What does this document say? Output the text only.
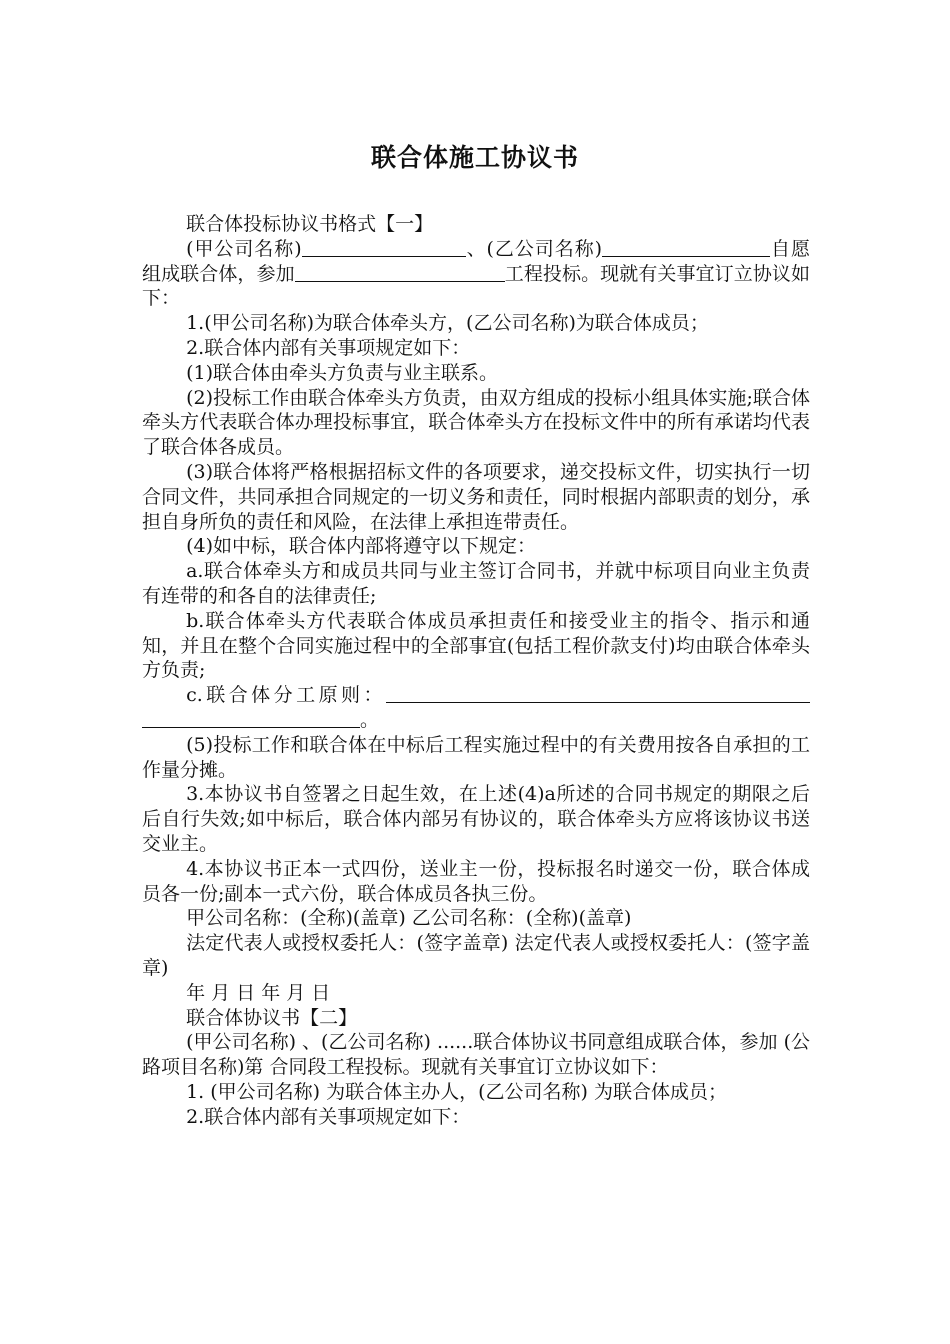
联合体施工协议书

联合体投标协议书格式【一】

(甲公司名称)	、(乙公司名称)	自愿组成联合体，参加	工程投标。现就有关事宜订立协议如下：

1.(甲公司名称)为联合体牵头方，(乙公司名称)为联合体成员；

2.联合体内部有关事项规定如下：

(1)联合体由牵头方负责与业主联系。

(2)投标工作由联合体牵头方负责，由双方组成的投标小组具体实施;联合体牵头方代表联合体办理投标事宜，联合体牵头方在投标文件中的所有承诺均代表了联合体各成员。

(3)联合体将严格根据招标文件的各项要求，递交投标文件，切实执行一切合同文件，共同承担合同规定的一切义务和责任，同时根据内部职责的划分，承担自身所负的责任和风险，在法律上承担连带责任。

(4)如中标，联合体内部将遵守以下规定：

a.联合体牵头方和成员共同与业主签订合同书，并就中标项目向业主负责有连带的和各自的法律责任;

b.联合体牵头方代表联合体成员承担责任和接受业主的指令、指示和通知，并且在整个合同实施过程中的全部事宜(包括工程价款支付)均由联合体牵头方负责;

c.联合体分工原则：。

(5)投标工作和联合体在中标后工程实施过程中的有关费用按各自承担的工作量分摊。

3.本协议书自签署之日起生效，在上述(4)a所述的合同书规定的期限之后后自行失效;如中标后，联合体内部另有协议的，联合体牵头方应将该协议书送交业主。

4.本协议书正本一式四份，送业主一份，投标报名时递交一份，联合体成员各一份;副本一式六份，联合体成员各执三份。

甲公司名称：(全称)(盖章) 乙公司名称：(全称)(盖章)

法定代表人或授权委托人：(签字盖章) 法定代表人或授权委托人：(签字盖章)

年 月 日 年 月 日

联合体协议书【二】

(甲公司名称) 、(乙公司名称) ......联合体协议书同意组成联合体，参加 (公路项目名称)第 合同段工程投标。现就有关事宜订立协议如下：

1. (甲公司名称) 为联合体主办人，(乙公司名称) 为联合体成员；

2.联合体内部有关事项规定如下：
